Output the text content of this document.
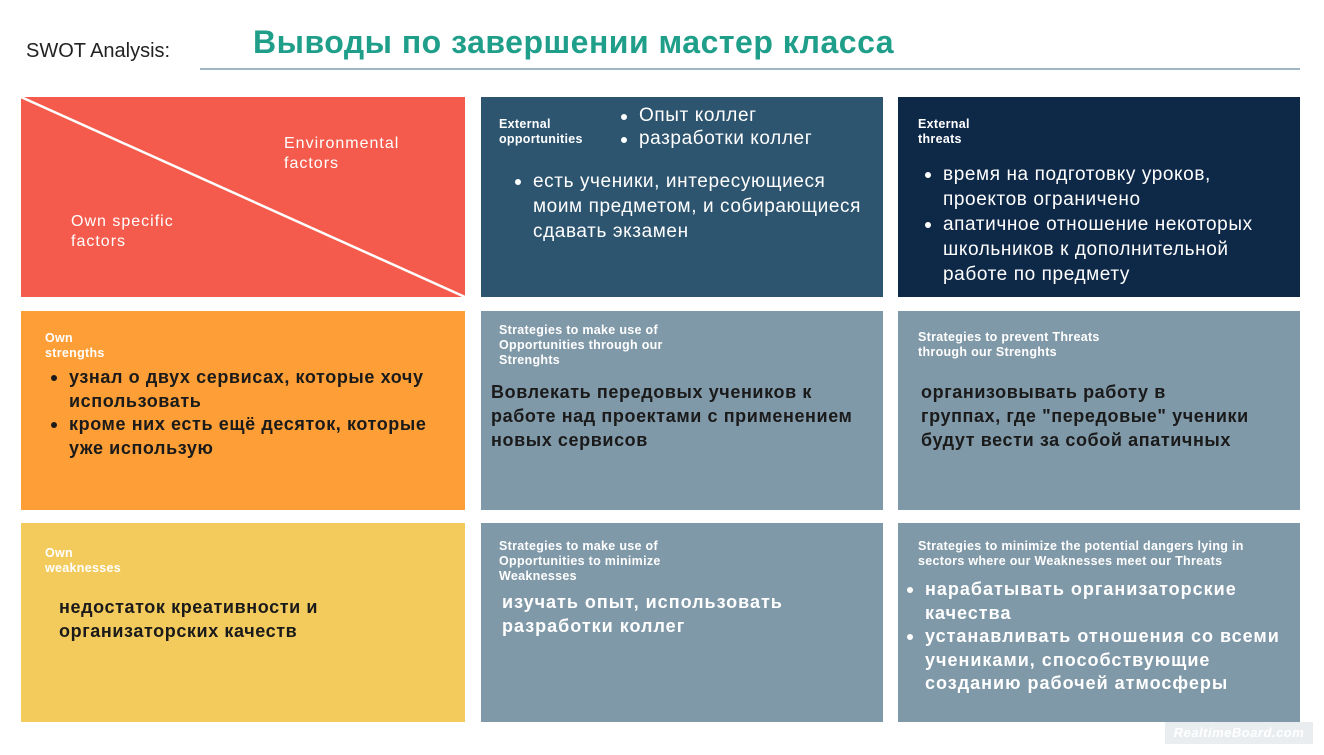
SWOT Analysis:	Выводы по завершении мастер класса
Environmental factors
Own specific factors
External
opportunities
Опыт коллег
разработки коллег
есть ученики, интересующиеся моим предметом, и собирающиеся сдавать экзамен
External
threats
время на подготовку уроков, проектов ограничено
апатичное отношение некоторых школьников к дополнительной работе по предмету
Own
strengths
узнал о двух сервисах, которые хочу использовать
кроме них есть ещё десяток, которые уже использую
Strategies to make use of Opportunities through our Strenghts
Вовлекать передовых учеников к работе над проектами с применением новых сервисов
Strategies to prevent Threats through our Strenghts
организовывать работу в группах, где "передовые" ученики будут вести за собой апатичных
Own
weaknesses
недостаток креативности и организаторских качеств
Strategies to make use of Opportunities to minimize Weaknesses
изучать опыт, использовать разработки коллег
Strategies to minimize the potential dangers lying in sectors where our Weaknesses meet our Threats
нарабатывать организаторские качества
устанавливать отношения со всеми учениками, способствующие созданию рабочей атмосферы
RealtimeBoard.com
